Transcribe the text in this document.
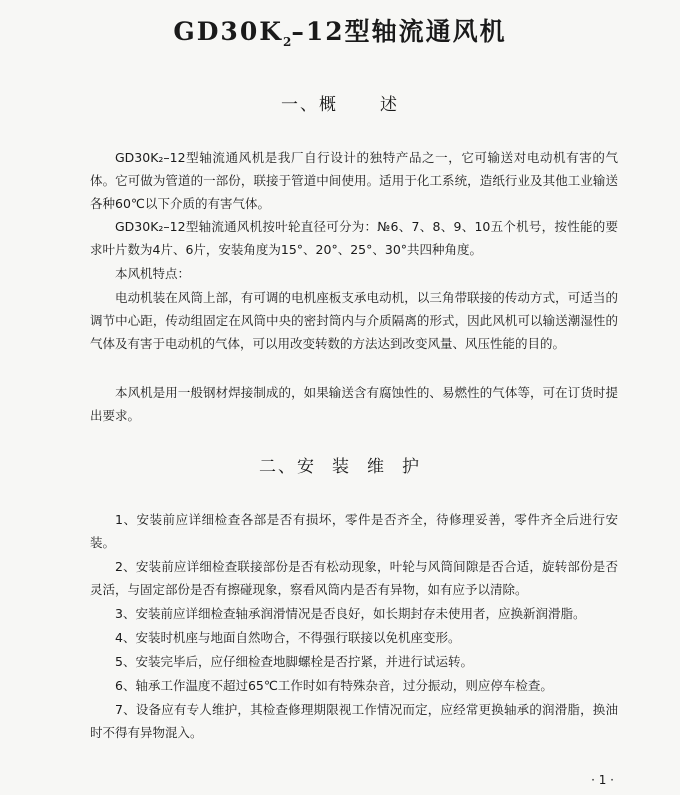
$GD30K_2-12$型轴流通风机
一、概 述
GD30K₂–12型轴流通风机是我厂自行设计的独特产品之一，它可输送对电动机有害的气体。它可做为管道的一部份，联接于管道中间使用。适用于化工系统，造纸行业及其他工业输送各种60℃以下介质的有害气体。
GD30K₂–12型轴流通风机按叶轮直径可分为：№6、7、8、9、10五个机号，按性能的要求叶片数为4片、6片，安装角度为15°、20°、25°、30°共四种角度。
本风机特点：
电动机装在风筒上部，有可调的电机座板支承电动机，以三角带联接的传动方式，可适当的调节中心距，传动组固定在风筒中央的密封筒内与介质隔离的形式，因此风机可以输送潮湿性的气体及有害于电动机的气体，可以用改变转数的方法达到改变风量、风压性能的目的。
本风机是用一般钢材焊接制成的，如果输送含有腐蚀性的、易燃性的气体等，可在订货时提出要求。
二、安 装 维 护
1、安装前应详细检查各部是否有损坏，零件是否齐全，待修理妥善，零件齐全后进行安装。
2、安装前应详细检查联接部份是否有松动现象，叶轮与风筒间隙是否合适，旋转部份是否灵活，与固定部份是否有擦碰现象，察看风筒内是否有异物，如有应予以清除。
3、安装前应详细检查轴承润滑情况是否良好，如长期封存未使用者，应换新润滑脂。
4、安装时机座与地面自然吻合，不得强行联接以免机座变形。
5、安装完毕后，应仔细检查地脚螺栓是否拧紧，并进行试运转。
6、轴承工作温度不超过65℃工作时如有特殊杂音，过分振动，则应停车检查。
7、设备应有专人维护，其检查修理期限视工作情况而定，应经常更换轴承的润滑脂，换油时不得有异物混入。
· 1 ·
